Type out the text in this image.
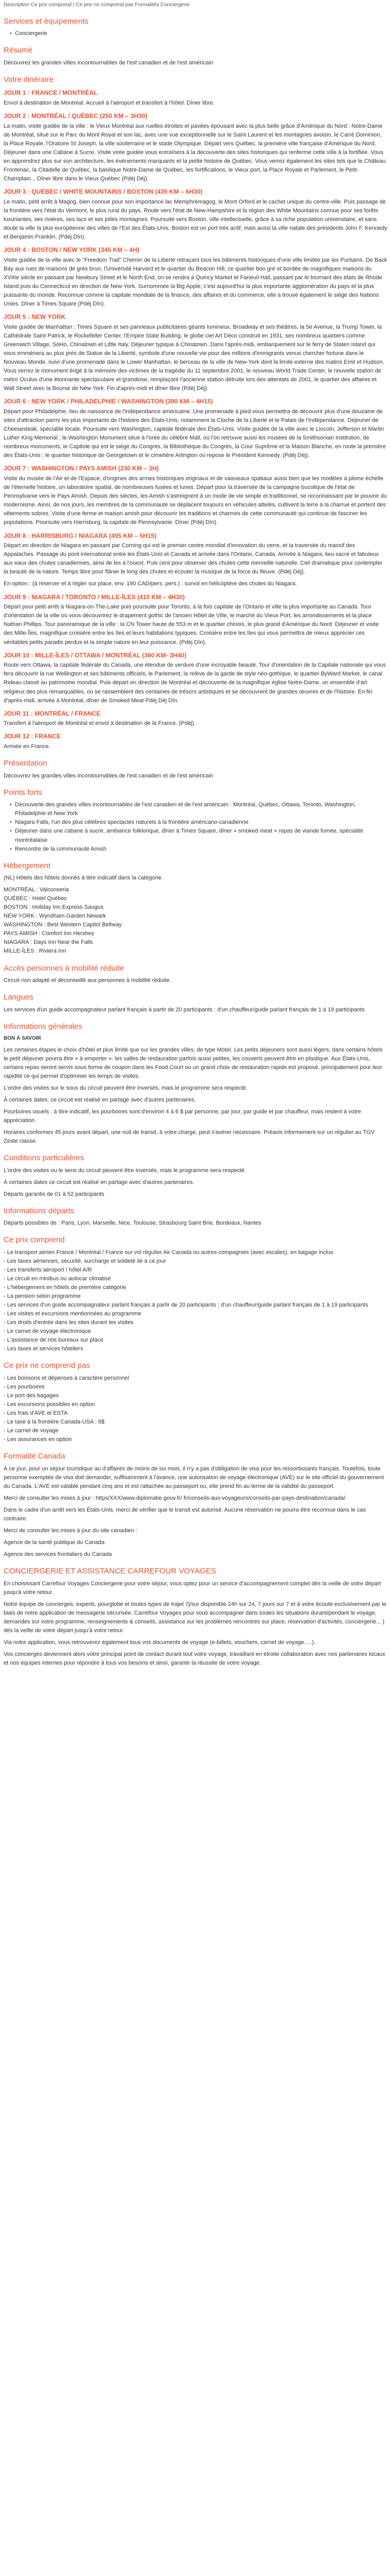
Description Ce prix comprend / Ce prix ne comprend pas Formalités Conciergerie
Services et équipements
• Conciergerie
Résumé

Découvrez les grandes villes incontournables de l'est canadien et de l'est américain

Votre itinéraire
JOUR 1 : FRANCE / MONTRÉAL

Envol à destination de Montréal. Accueil à l'aéroport et transfert à l'hôtel. Dîner libre.

JOUR 2 : MONTRÉAL / QUÉBEC (250 KM – 3H30)

La matin, visite guidée de la ville : le Vieux Montréal aux ruelles étroites et pavées épousant avec la plus belle grâce d'Amérique du Nord : Notre-Dame de Montréal, situé sur le Parc du Mont Royal et son lac, avec une vue exceptionnelle sur le Saint Laurent et les montagnes avoisin, le Carré Dominion, la Place Royale, l'Oratoire St Joseph, la ville souterraine et le stade Olympique. Départ vers Québec, la première ville française d'Amérique du Nord. Déjeuner dans une Cabane à Sucre. Visite virée guidée vous entraînera à la découverte des sites historiques qui renferme cette ville à la fortifiée. Vous en apprendrez plus sur son architecture, les événements marquants et la petite histoire de Québec. Vous verrez également les sites tels que le Château Frontenac, la Citadelle de Québec, la basilique Notre-Dame de Québec, les fortifications, le Vieux port, la Place Royale et Parlement, le Petit-Champlain... Dîner libre dans le Vieux Québec (Pdéj Déj).

JOUR 3 : QUÉBEC / WHITE MOUNTAINS / BOSTON (435 KM – 6H30)

Le matin, petit arrêt à Magog, bien connue pour son importance lac Memphrémagog, le Mont Orford et le cachet unique du centre-ville. Puis passage de la frontière vers l'état du Vermont, le plus rural du pays. Route vers l'état de New-Hampshire et la région des White Mountains connue pour ses forêts luxuriantes, ses rivières, ses lacs et ses jolies montagnes. Poursuite vers Boston, ville intellectuelle, grâce à sa riche population universitaire, et sans doute la ville la plus européenne des villes de l'Est des États-Unis. Boston est un port très actif, mais aussi la ville natale des présidents John F. Kennedy et Benjamin Franklin. (Pdéj Dîn).

JOUR 4 : BOSTON / NEW YORK (345 KM – 4H)

Visite guidée de la ville avec le "Freedom Trail" Chemin de la Liberté retraçant tous les bâtiments historiques d'une ville limitée par les Puritains. De Back Bay aux rues de maisons de grès brun, l'Université Harvard et le quartier du Beacon Hill, ce quartier bon gré et bordée de magnifiques maisons du XVIIIe siècle en passant par Newbury Street et le North End, on se rendra à Quincy Market et Faneuil Hall, passant par le tournant des états de Rhode Island puis du Connecticut en direction de New-York. Surnommée la Big Apple, c'est aujourd'hui la plus importante agglomération du pays et la plus puissante du monde. Reconnue comme la capitale mondiale de la finance, des affaires et du commerce, elle a trouvé également le siège des Nations Unies. Dîner à Times Square (Pdéj Dîn).

JOUR 5 : NEW YORK

Visite guidée de Manhattan : Times Square et ses panneaux publicitaires géants lumineux, Broadway et ses théâtres, la 5e Avenue, la Trump Tower, la Cathédrale Saint Patrick, le Rockefeller Center, l'Empire State Building, le globe ciel Art Déco construit en 1931, ses nombreux quartiers comme Greenwich Village, SoHo, Chinatown et Little Italy, Déjeuner typique à Chinatown. Dans l'après-midi, embarquement sur le ferry de Staten Island qui vous emmènera au plus près de Statue de la Liberté, symbole d'une nouvelle vie pour des millions d'immigrants venus chercher fortune dans le Nouveau Monde, suivi d'une promenade dans le Lower Manhattan, le berceau de la ville de New-York dont la limite externe des matins Emit et Hudson. Vous verrez le monument érigé à la mémoire des victimes de la tragédie du 11 septembre 2001, le nouveau World Trade Center, le nouvelle station de métro Oculus d'une étonnante spectaculaire et grandiose, remplaçant l'ancienne station détruite lors des attentats de 2001, le quartier des affaires et Wall Street avec la Bourse de New York. Fin d'après-midi et dîner libre (Pdéj Déj).

JOUR 6 : NEW YORK / PHILADELPHIE / WASHINGTON (390 KM – 4H15)

Départ pour Philadelphie, lieu de naissance de l'indépendance américaine. Une promenade à pied vous permettra de découvrir plus d'une douzaine de sites d'attraction parmi les plus importants de l'histoire des États-Unis, notamment la Cloche de la Liberté et le Palais de l'Indépendance. Déjeuner de Cheesesteak, spécialité locale. Poursuite vers Washington, capitale fédérale des États-Unis. Visite guidée de la ville avec le Lincoln, Jefferson et Martin Luther King Memorial ; le Washington Monument situé à l'orée du célèbre Mall, où l'on retrouve aussi les musées de la Smithsonian Institution, de nombreux monuments, le Capitole qui est le siège du Congrès, la Bibliothèque du Congrès, la Cour Suprême et la Maison Blanche, en route la première des États-Unis ; le quartier historique de Georgetown et le cimetière Arlington où repose le Président Kennedy. (Pdéj Déj).

JOUR 7 : WASHINGTON / PAYS AMISH (230 KM – 3H)

Visite du musée de l'Air et de l'Espace, d'origines des armes historiques originaux et de vaisseaux spatiaux aussi bien que les modèles à pleine échelle de l'éternelle histoire, un laboratoire spatial, de nombreuses fusées et lunes. Départ pour la traversée de la campagne bucolique de l'état de Pennsylvanie vers le Pays Amish. Depuis des siècles, les Amish s'astreignent à un mode de vie simple et traditionnel, se reconnaissant par le pouvoir du modernisme. Ainsi, de nos jours, les membres de la communauté se déplacent toujours en véhicules attelés, cultivent la terre à la charrue et portent des vêtements sobres. Visite d'une ferme et maison amish pour découvrir les traditions et charmes de cette communauté qui continue de fasciner les populations. Poursuite vers Harrisburg, la capitale de Pennsylvanie. Dîner (Pdéj Dîn).

JOUR 8 : HARRISBURG / NIAGARA (495 KM – 5H15)

Départ en direction de Niagara en passant par Corning qui est le premier centre mondial d'innovation du verre, et la traversée du massif des Appalaches. Passage du pont international entre les États-Unis et Canada et arrivée dans l'Ontario, Canada. Arrivée à Niagara, lieu sacré et fabuleux aux eaux des chutes canadiennes, ainsi de les à l'ouest. Puis cent pour observer des chutes cette merveille naturelle. Ciel dramatique pour contempler la beauté de la nature. Temps libre pour flâner le long des chutes et écouter la musique de la force du fleuve. (Pdéj Déj).

En option : (à réserver et à régler sur place, env. 190 CAD/pers. pers.) : survol en hélicoptère des chutes du Niagara.

JOUR 9 : NIAGARA / TORONTO / MILLE-ÎLES (410 KM – 4H30)

Départ pour petit arrêt à Niagara-on-The-Lake puis poursuite pour Toronto, à la fois capitale de l'Ontario et ville la plus importante au Canada. Tour d'orientation de la ville où vous découvrirez le drapement gothic de l'ancien Hôtel de Ville, le marché du Vieux Port, les arrondissements et la place Nathan Phillips. Tour panoramique de la ville : la CN Tower haute de 553 m et le quartier chinois, le plus grand d'Amérique du Nord. Déjeuner et visite des Mille-Îles, magnifique croisière entre les îles et leurs habitations typiques. Croisière entre les îles qui vous permettra de mieux apprécier ces véritables petits paradis perdus et la simple nature en leur puissance. (Pdéj Dîn).

JOUR 10 : MILLE-ÎLES / OTTAWA / MONTRÉAL (360 KM- 3H40)

Route vers Ottawa, la capitale fédérale du Canada, une étendue de verdure d'une incroyable beauté. Tour d'orientation de la Capitale nationale qui vous fera découvrir la rue Wellington et ses bâtiments officiels, le Parlement, la relève de la garde de style néo-gothique, le quartier ByWard Market, le canal Rideau classé au patrimoine mondial. Puis départ en direction de Montréal et découverte de la magnifique église Notre-Dame, un ensemble d'art religieux des plus remarquables, où se rassemblent des centaines de trésors artistiques et se découvrent de grandes œuvres et de l'histoire. En fin d'après-midi, arrivée à Montréal, dîner de Smoked Meat Pdéj Déj Dîn.

JOUR 11 : MONTRÉAL / FRANCE

Transfert à l'aéroport de Montréal et envol à destination de la France. (Pdéj).

JOUR 12 : FRANCE

Arrivée en France.

Présentation

Découvrez les grandes villes incontournables de l'est canadien et de l'est américain

Points forts
• Découverte des grandes villes incontournables de l'est canadien et de l'est américain : Montréal, Québec, Ottawa, Toronto, Washington, Philadelphie et New York
• Niagara Falls, l'un des plus célèbres spectacles naturels à la frontière américano-canadienne
• Déjeuner dans une cabane à sucre, ambiance folklorique, dîner à Times Square, dîner « smoked meat » repas de viande fumée, spécialité montréalaise
• Rencontre de la communauté Amish
Hébergement

(NL) Hôtels des hôtels donnés à titre indicatif dans la catégorie.

MONTRÉAL : Valconseria
QUÉBEC : Hotel Québec
BOSTON : Holiday Inn Express Saugus
NEW YORK : Wyndham Garden Newark
WASHINGTON : Best Western Capitol Beltway
PAYS AMISH : Comfort Inn Hershey
NIAGARA : Days Inn Near the Falls
MILLE-ÎLES : Riviera Inn
Accès personnes à mobilité réduite

Circuit non adapté et déconseillé aux personnes à mobilité réduite.

Langues

Les services d'un guide accompagnateur parlant français à partir de 20 participants : d'un chauffeur/guide parlant français de 1 à 19 participants

Informations générales

BON À SAVOIR

Les certaines étapes le choix d'hôtel et plus limité que sur les grandes villes, de type Motel. Les petits déjeuners sont aussi légers, dans certains hôtels le petit déjeuner pourra être « à emporter ». les salles de restauration parfois aussi petites, les couverts peuvent être en plastique. Aux États-Unis, certains repas seront servis sous forme de coupon dans les Food Court ou un grand choix de restauration rapide est proposé, principalement pour leur rapidité ce qui permet d'optimiser les temps de visites.

L'ordre des visites sur le sous du circuit peuvent être inversés, mais le programme sera respecté.

À certaines dates, ce circuit est réalisé en partage avec d'autres partenaires.

Pourboires usuels : à titre indicatif, les pourboires sont d'environ 4 à 6 $ par personne, par jour, par guide et par chauffeur, mais restent à votre appréciation.

Horaires conformes 45 jours avant départ, une nuit de transit, à votre charge, peut s'avérer nécessaire. Préavis informement sur un régulier au TGV Zeste classe.

Conditions particulières

L'ordre des visites ou le sens du circuit peuvent être inversés, mais le programme sera respecté.

À certaines dates ce circuit est réalisé en partage avec d'autres partenaires.

Départs garantis de 01 à 52 participants

Informations départs

Départs possibles de : Paris, Lyon, Marseille, Nice, Toulouse, Strasbourg Saint Brie, Bordeaux, Nantes

Ce prix comprend
- Le transport aérien France / Montréal / France sur vol régulier Air Canada ou autres compagnies (avec escales), en bagage inclus
- Les taxes aériennes, sécurité, surcharge et soldeté lié à ce jour
- Les transferts aéroport / hôtel A/R
- Le circuit en minibus ou autocar climatisé
- L'hébergement en hôtels de première catégorie
- La pension selon programme
- Les services d'un guide accompagnateur parlant français à partir de 20 participants ; d'un chauffeur/guide parlant français de 1 à 19 participants
- Les visites et excursions mentionnées au programme
- Les droits d'entrée dans les sites durant les visites
- Le carnet de voyage électronique
- L'assistance de nos bureaux sur place
- Les taxes et services hôteliers
Ce prix ne comprend pas
- Les boissons et dépenses à caractère personnel
- Les pourboires
- Le port des bagages
- Les excursions possibles en option
- Les frais d'AVE et ESTA
- Le taxe à la frontière Canada-USA : 6$
- Le carnet de voyage
- Les assurances en option
Formalité Canada

À ce jour, pour un séjour touristique au d'affaires de moins de six mois, il n'y a pas d'obligation de visa pour les ressortissants français. Toutefois, toute personne exemptée de visa doit demander, suffisamment à l'avance, une autorisation de voyage électronique (AVE) sur le site officiel du gouvernement du Canada. L'AVE est valable pendant cinq ans et est rattachée au passeport ou, elle prend fin au terme de la validité du passeport.

Merci de consulter les mises à jour : https/XXX/www.diplomatie.gouv.fr/ fr/conseils-aux-voyageurs/conseils-par-pays-destination/canada/

Dans le cadre d'un arrêt vers les États-Unis, merci de vérifier que le transit est autorisé. Aucune réservation ne pourra être reconnue dans le cas contraire.

Merci de consulter les mises à jour du site canadien :

Agence de la santé publique du Canada

Agence des services frontaliers du Canada

CONCIERGERIE ET ASSISTANCE CARREFOUR VOYAGES

En choisissant Carrefour Voyages Conciergerie pour votre séjour, vous optez pour un service d'accompagnement complet dès la veille de votre départ jusqu'à votre retour.

Notre équipe de concierges, experts, pourglobe et toutes types de trajet 7j/sur disponible 24h sur 24, 7 jours sur 7 et à votre écoute exclusivement par le biais de notre application de messagerie sécurisée. Carrefour Voyages pour vous accompagner dans toutes les situations durant/pendant le voyage, demandes sur votre programme, renseignements & conseils, assistance sur les problèmes rencontrés sur place, réservation d'activités, conciergerie... ) dès la veille de votre départ jusqu'à votre retour.

Via notre application, vous retrouverez également tous vos documents de voyage (e-billets, vouchers, carnet de voyage, ...).

Vos concierges deviennent alors votre principal point de contact durant tout votre voyage, travaillant en étroite collaboration avec nos partenaires locaux et nos équipes internes pour répondre à tous vos besoins et ainsi, garantir la réussite de votre voyage.
